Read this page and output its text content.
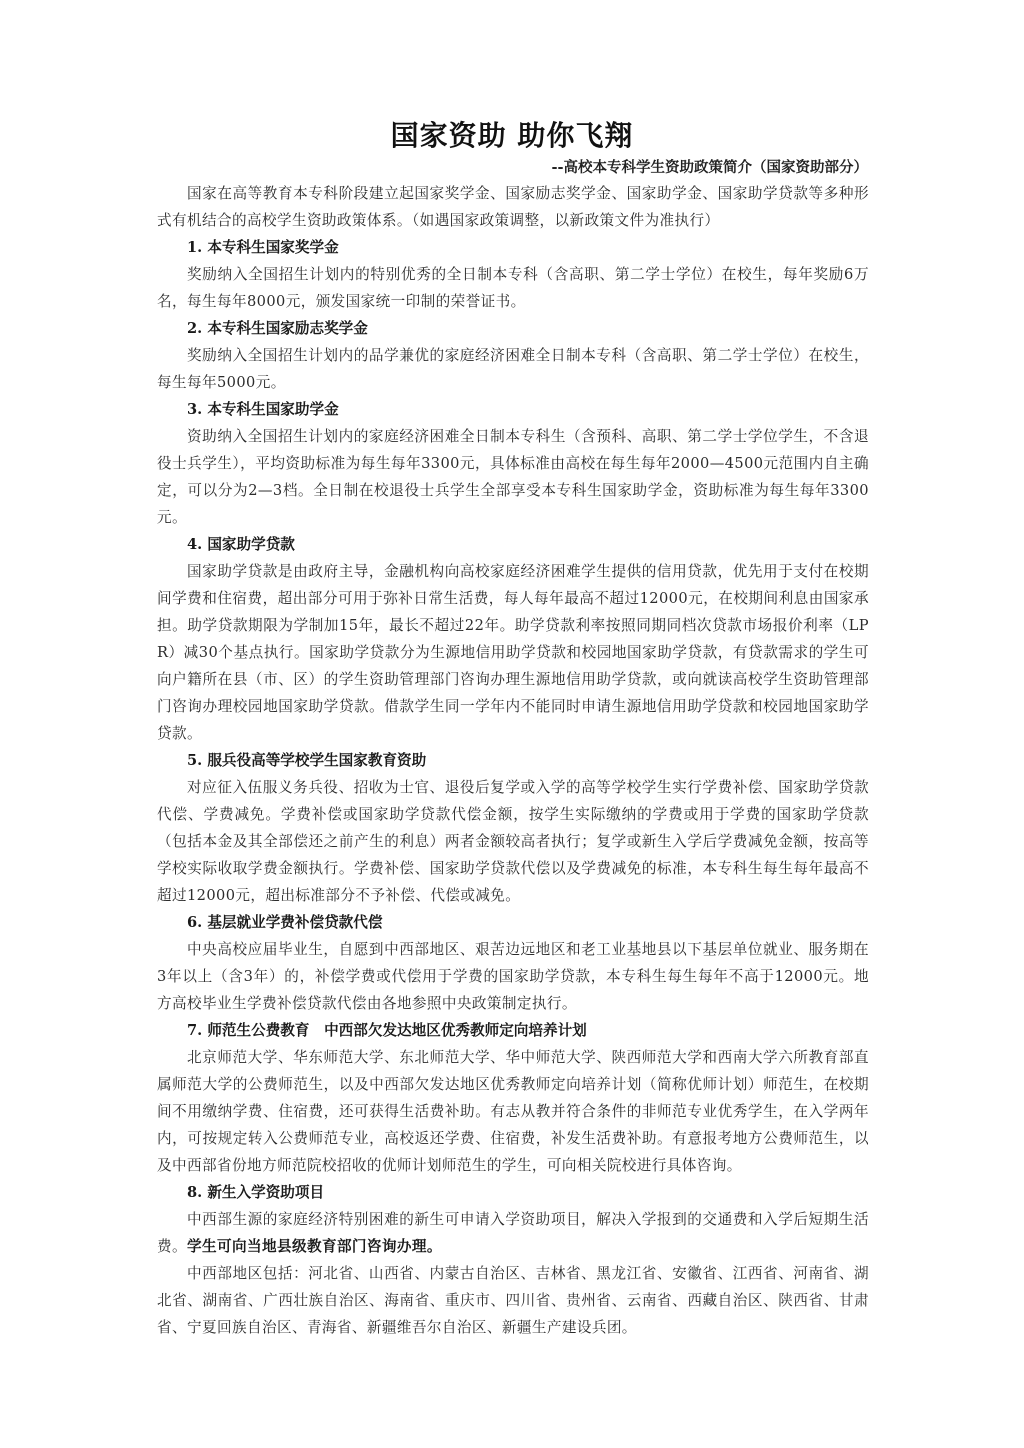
国家资助 助你飞翔
--高校本专科学生资助政策简介（国家资助部分）

国家在高等教育本专科阶段建立起国家奖学金、国家励志奖学金、国家助学金、国家助学贷款等多种形式有机结合的高校学生资助政策体系。（如遇国家政策调整，以新政策文件为准执行）

1. 本专科生国家奖学金

奖励纳入全国招生计划内的特别优秀的全日制本专科（含高职、第二学士学位）在校生，每年奖励6万名，每生每年8000元，颁发国家统一印制的荣誉证书。

2. 本专科生国家励志奖学金

奖励纳入全国招生计划内的品学兼优的家庭经济困难全日制本专科（含高职、第二学士学位）在校生，每生每年5000元。

3. 本专科生国家助学金

资助纳入全国招生计划内的家庭经济困难全日制本专科生（含预科、高职、第二学士学位学生，不含退役士兵学生），平均资助标准为每生每年3300元，具体标准由高校在每生每年2000—4500元范围内自主确定，可以分为2—3档。全日制在校退役士兵学生全部享受本专科生国家助学金，资助标准为每生每年3300元。

4. 国家助学贷款

国家助学贷款是由政府主导，金融机构向高校家庭经济困难学生提供的信用贷款，优先用于支付在校期间学费和住宿费，超出部分可用于弥补日常生活费，每人每年最高不超过12000元，在校期间利息由国家承担。助学贷款期限为学制加15年，最长不超过22年。助学贷款利率按照同期同档次贷款市场报价利率（LPR）减30个基点执行。国家助学贷款分为生源地信用助学贷款和校园地国家助学贷款，有贷款需求的学生可向户籍所在县（市、区）的学生资助管理部门咨询办理生源地信用助学贷款，或向就读高校学生资助管理部门咨询办理校园地国家助学贷款。借款学生同一学年内不能同时申请生源地信用助学贷款和校园地国家助学贷款。

5. 服兵役高等学校学生国家教育资助

对应征入伍服义务兵役、招收为士官、退役后复学或入学的高等学校学生实行学费补偿、国家助学贷款代偿、学费减免。学费补偿或国家助学贷款代偿金额，按学生实际缴纳的学费或用于学费的国家助学贷款（包括本金及其全部偿还之前产生的利息）两者金额较高者执行；复学或新生入学后学费减免金额，按高等学校实际收取学费金额执行。学费补偿、国家助学贷款代偿以及学费减免的标准，本专科生每生每年最高不超过12000元，超出标准部分不予补偿、代偿或减免。

6. 基层就业学费补偿贷款代偿

中央高校应届毕业生，自愿到中西部地区、艰苦边远地区和老工业基地县以下基层单位就业、服务期在3年以上（含3年）的，补偿学费或代偿用于学费的国家助学贷款，本专科生每生每年不高于12000元。地方高校毕业生学费补偿贷款代偿由各地参照中央政策制定执行。

7. 师范生公费教育　中西部欠发达地区优秀教师定向培养计划

北京师范大学、华东师范大学、东北师范大学、华中师范大学、陕西师范大学和西南大学六所教育部直属师范大学的公费师范生，以及中西部欠发达地区优秀教师定向培养计划（简称优师计划）师范生，在校期间不用缴纳学费、住宿费，还可获得生活费补助。有志从教并符合条件的非师范专业优秀学生，在入学两年内，可按规定转入公费师范专业，高校返还学费、住宿费，补发生活费补助。有意报考地方公费师范生，以及中西部省份地方师范院校招收的优师计划师范生的学生，可向相关院校进行具体咨询。

8. 新生入学资助项目

中西部生源的家庭经济特别困难的新生可申请入学资助项目，解决入学报到的交通费和入学后短期生活费。学生可向当地县级教育部门咨询办理。

中西部地区包括：河北省、山西省、内蒙古自治区、吉林省、黑龙江省、安徽省、江西省、河南省、湖北省、湖南省、广西壮族自治区、海南省、重庆市、四川省、贵州省、云南省、西藏自治区、陕西省、甘肃省、宁夏回族自治区、青海省、新疆维吾尔自治区、新疆生产建设兵团。
